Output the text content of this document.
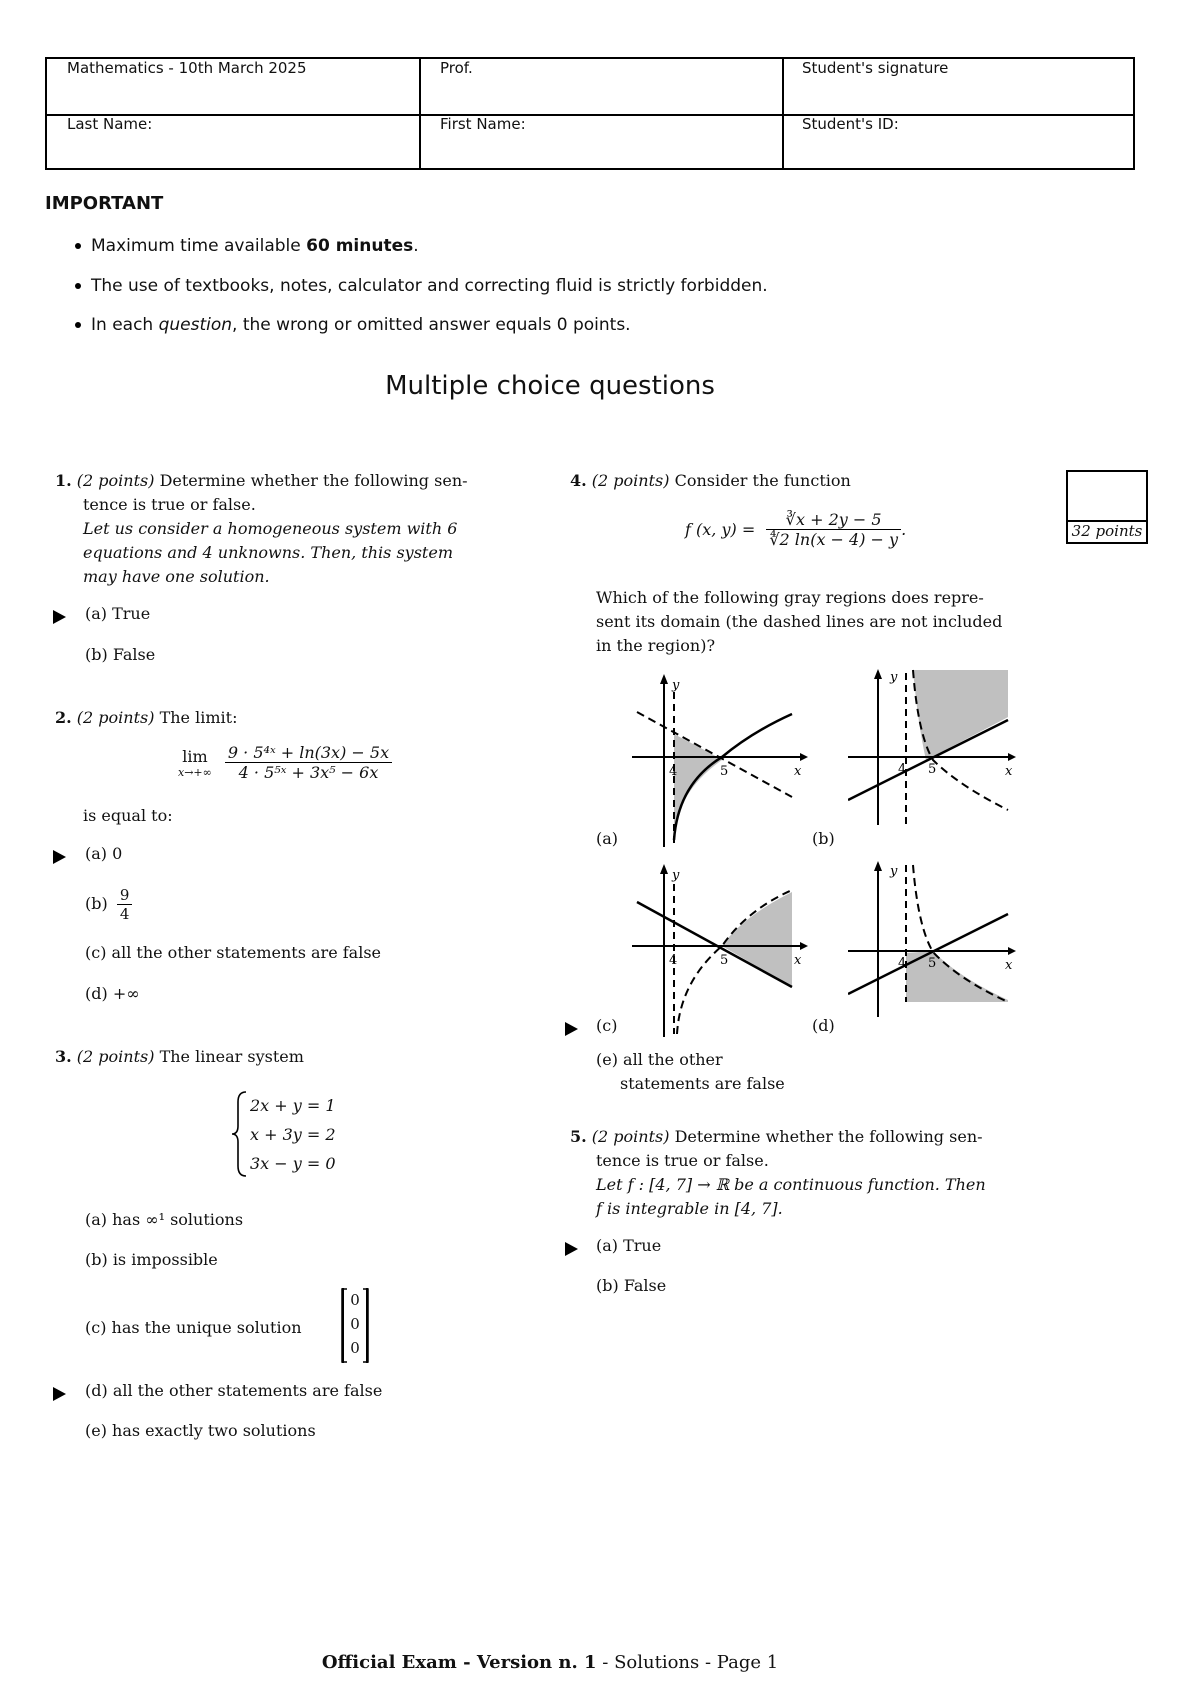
Mathematics - 10th March 2025	Prof.	Student's signature
Last Name:	First Name:	Student's ID:
IMPORTANT
Maximum time available 60 minutes.
The use of textbooks, notes, calculator and correcting fluid is strictly forbidden.
In each question, the wrong or omitted answer equals 0 points.
Multiple choice questions
32 points
1. (2 points) Determine whether the following sen-
tence is true or false.
Let us consider a homogeneous system with 6
equations and 4 unknowns. Then, this system
may have one solution.
(a) True
(b) False
2. (2 points) The limit:
lim
x→+∞
$\frac{\text{9 · 5⁴ˣ + ln(3x) − 5x}}{\text{4 · 5⁵ˣ + 3x⁵ − 6x}}$
is equal to:
(a) 0
$(b) \frac{9}{4}$
(c) all the other statements are false
(d) +∞
3. (2 points) The linear system
2x + y = 1
x + 3y = 2
3x − y = 0
(a) has ∞¹ solutions
(b) is impossible
(c) has the unique solution
0
0
0
(d) all the other statements are false
(e) has exactly two solutions
4. (2 points) Consider the function
f (x, $y) = \frac{∛x + 2y - 5}{∜2 \ln(x - 4) - y}$ .
Which of the following gray regions does repre-
sent its domain (the dashed lines are not included
in the region)?
4	5	x
y
(a)
4 5	x
y
(b)
4	5	x
y
(c)
4 5	x
y
(d)
(e) all the other
statements are false
5. (2 points) Determine whether the following sen-
tence is true or false.
Let f : [4, 7] → ℝ be a continuous function. Then
f is integrable in [4, 7].
(a) True
(b) False
Official Exam - Version n. 1 - Solutions - Page 1
